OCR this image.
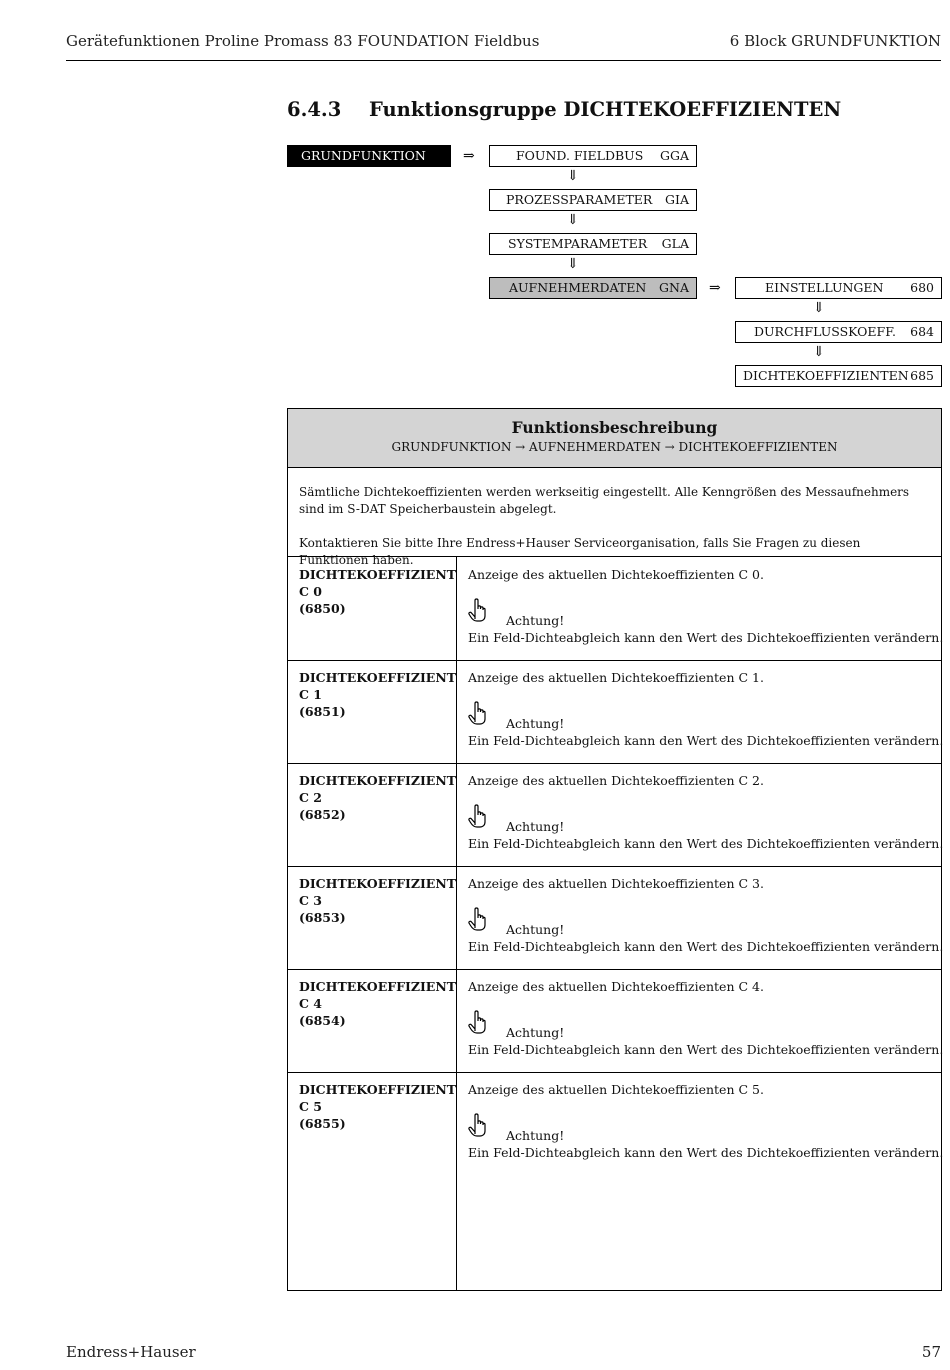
Gerätefunktionen Proline Promass 83 FOUNDATION Fieldbus	6 Block GRUNDFUNKTION
6.4.3 Funktionsgruppe DICHTEKOEFFIZIENTEN
GRUNDFUNKTION	⇒	FOUND. FIELDBUS GGA
⇓
PROZESSPARAMETER GIA
⇓
SYSTEMPARAMETER GLA
⇓
AUFNEHMERDATEN GNA ⇒	EINSTELLUNGEN 680
⇓
DURCHFLUSSKOEFF. 684
⇓
DICHTEKOEFFIZIENTEN 685
Funktionsbeschreibung
GRUNDFUNKTION → AUFNEHMERDATEN → DICHTEKOEFFIZIENTEN

Sämtliche Dichtekoeffizienten werden werkseitig eingestellt. Alle Kenngrößen des Messaufnehmers sind im S-DAT Speicherbaustein abgelegt.

Kontaktieren Sie bitte Ihre Endress+Hauser Serviceorganisation, falls Sie Fragen zu diesen Funktionen haben.

DICHTEKOEFFIZIENT
C 0
(6850)
Anzeige des aktuellen Dichtekoeffizienten C 0.
Achtung!
Ein Feld-Dichteabgleich kann den Wert des Dichtekoeffizienten verändern.
DICHTEKOEFFIZIENT
C 1
(6851)
Anzeige des aktuellen Dichtekoeffizienten C 1.
Achtung!
Ein Feld-Dichteabgleich kann den Wert des Dichtekoeffizienten verändern.
DICHTEKOEFFIZIENT
C 2
(6852)
Anzeige des aktuellen Dichtekoeffizienten C 2.
Achtung!
Ein Feld-Dichteabgleich kann den Wert des Dichtekoeffizienten verändern.
DICHTEKOEFFIZIENT
C 3
(6853)
Anzeige des aktuellen Dichtekoeffizienten C 3.
Achtung!
Ein Feld-Dichteabgleich kann den Wert des Dichtekoeffizienten verändern.
DICHTEKOEFFIZIENT
C 4
(6854)
Anzeige des aktuellen Dichtekoeffizienten C 4.
Achtung!
Ein Feld-Dichteabgleich kann den Wert des Dichtekoeffizienten verändern.
DICHTEKOEFFIZIENT
C 5
(6855)
Anzeige des aktuellen Dichtekoeffizienten C 5.
Achtung!
Ein Feld-Dichteabgleich kann den Wert des Dichtekoeffizienten verändern.
Endress+Hauser	57
